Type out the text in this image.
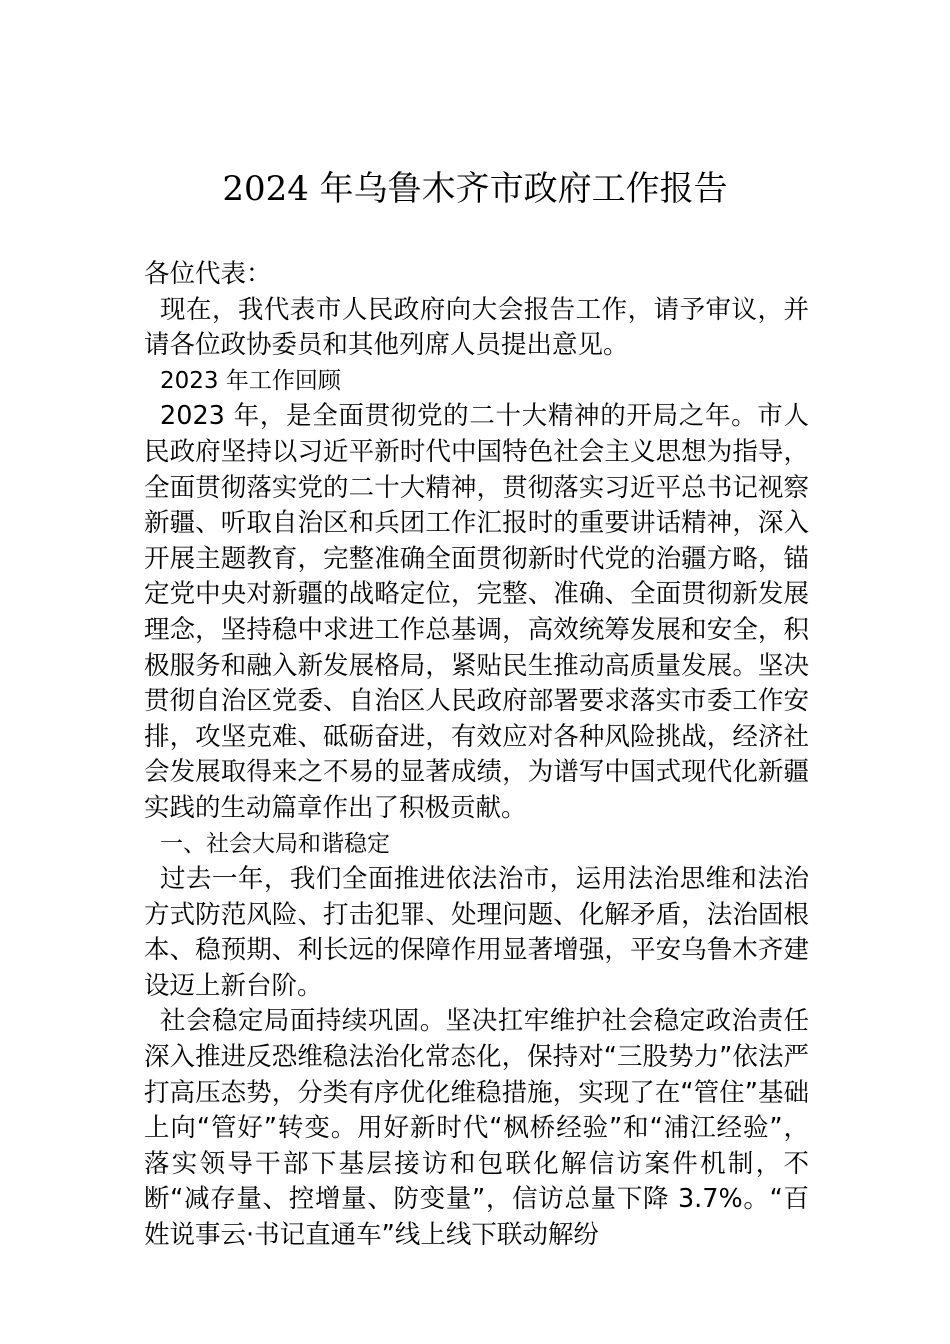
2024 年乌鲁木齐市政府工作报告

各位代表：

现在，我代表市人民政府向大会报告工作，请予审议，并请各位政协委员和其他列席人员提出意见。

2023 年工作回顾

2023 年，是全面贯彻党的二十大精神的开局之年。市人民政府坚持以习近平新时代中国特色社会主义思想为指导，全面贯彻落实党的二十大精神，贯彻落实习近平总书记视察新疆、听取自治区和兵团工作汇报时的重要讲话精神，深入开展主题教育，完整准确全面贯彻新时代党的治疆方略，锚定党中央对新疆的战略定位，完整、准确、全面贯彻新发展理念，坚持稳中求进工作总基调，高效统筹发展和安全，积极服务和融入新发展格局，紧贴民生推动高质量发展。坚决贯彻自治区党委、自治区人民政府部署要求落实市委工作安排，攻坚克难、砥砺奋进，有效应对各种风险挑战，经济社会发展取得来之不易的显著成绩，为谱写中国式现代化新疆实践的生动篇章作出了积极贡献。

一、社会大局和谐稳定

过去一年，我们全面推进依法治市，运用法治思维和法治方式防范风险、打击犯罪、处理问题、化解矛盾，法治固根本、稳预期、利长远的保障作用显著增强，平安乌鲁木齐建设迈上新台阶。

社会稳定局面持续巩固。坚决扛牢维护社会稳定政治责任深入推进反恐维稳法治化常态化，保持对“三股势力”依法严打高压态势，分类有序优化维稳措施，实现了在“管住”基础上向“管好”转变。用好新时代“枫桥经验”和“浦江经验”，落实领导干部下基层接访和包联化解信访案件机制，不断“减存量、控增量、防变量”，信访总量下降 3.7%。“百姓说事云·书记直通车”线上线下联动解纷
